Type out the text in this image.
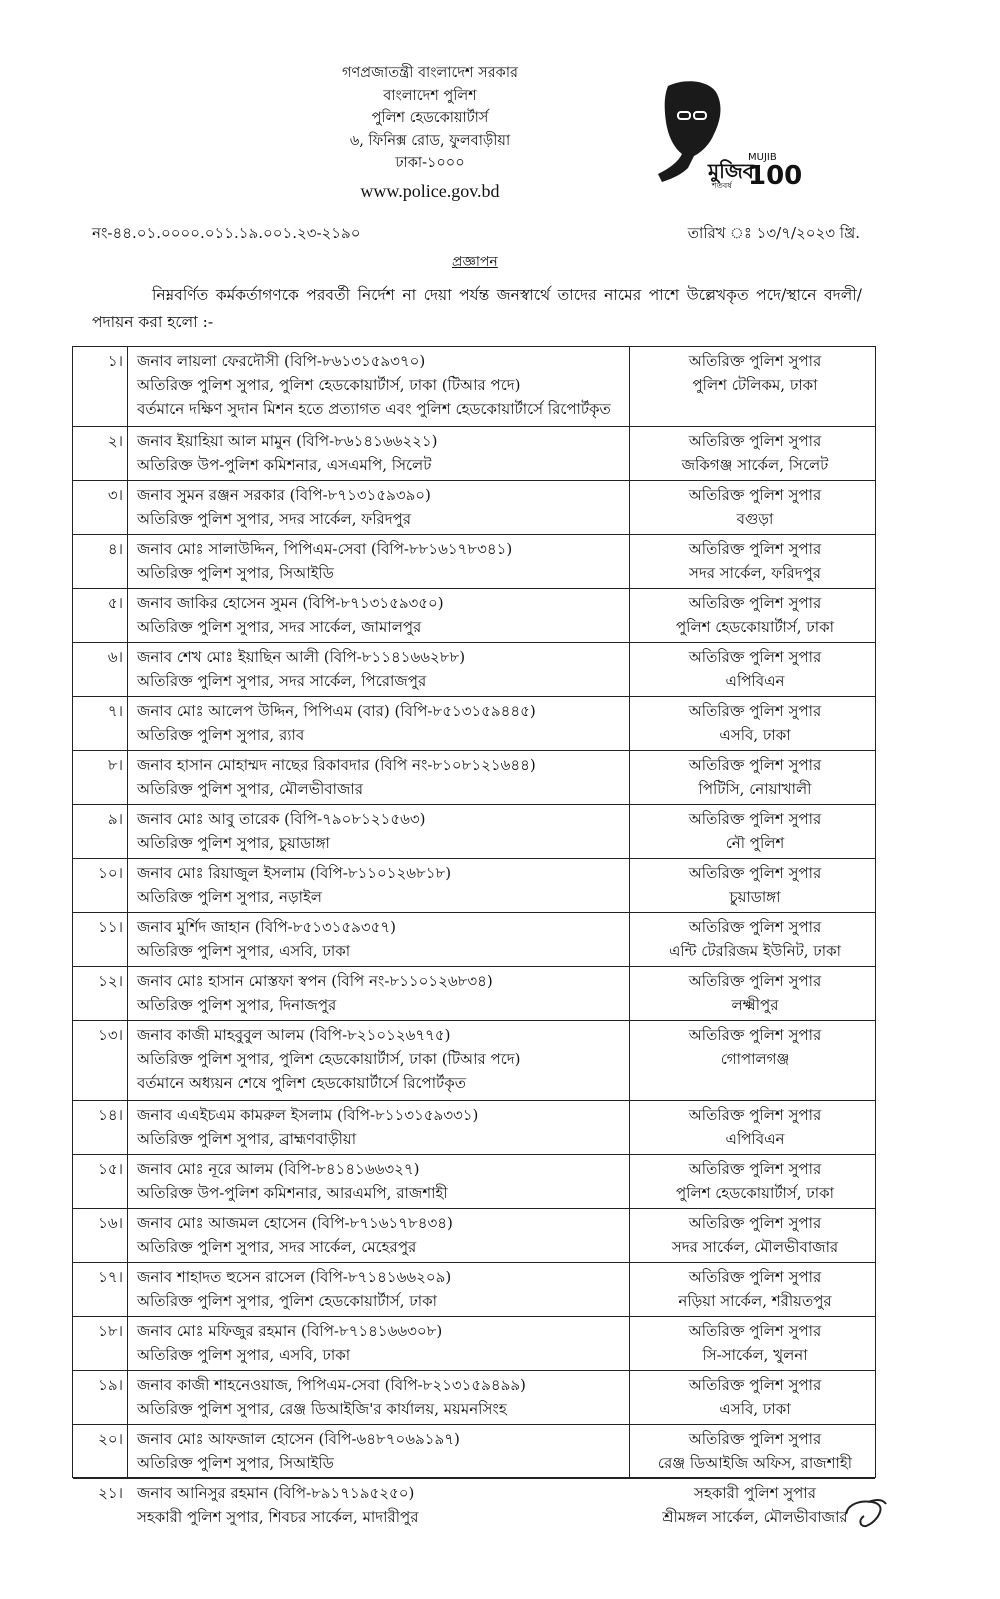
গণপ্রজাতন্ত্রী বাংলাদেশ সরকার
বাংলাদেশ পুলিশ
পুলিশ হেডকোয়ার্টার্স
৬, ফিনিক্স রোড, ফুলবাড়ীয়া
ঢাকা-১০০০
www.police.gov.bd
MUJIB
মুজিব
শতবর্ষ 100
নং-৪৪.০১.০০০০.০১১.১৯.০০১.২৩-২১৯০	তারিখ ঃ ১৩/৭/২০২৩ খ্রি.
প্রজ্ঞাপন
নিম্নবর্ণিত কর্মকর্তাগণকে পরবর্তী নির্দেশ না দেয়া পর্যন্ত জনস্বার্থে তাদের নামের পাশে উল্লেখকৃত পদে/স্থানে বদলী/পদায়ন করা হলো :-
১। জনাব লায়লা ফেরদৌসী (বিপি-৮৬১৩১৫৯৩৭০)
অতিরিক্ত পুলিশ সুপার, পুলিশ হেডকোয়ার্টার্স, ঢাকা (টিআর পদে)
বর্তমানে দক্ষিণ সুদান মিশন হতে প্রত্যাগত এবং পুলিশ হেডকোয়ার্টার্সে রিপোর্টকৃত
অতিরিক্ত পুলিশ সুপার
পুলিশ টেলিকম, ঢাকা
২। জনাব ইয়াহিয়া আল মামুন (বিপি-৮৬১৪১৬৬২২১)
অতিরিক্ত উপ-পুলিশ কমিশনার, এসএমপি, সিলেট
অতিরিক্ত পুলিশ সুপার
জকিগঞ্জ সার্কেল, সিলেট
৩। জনাব সুমন রঞ্জন সরকার (বিপি-৮৭১৩১৫৯৩৯০)
অতিরিক্ত পুলিশ সুপার, সদর সার্কেল, ফরিদপুর
অতিরিক্ত পুলিশ সুপার
বগুড়া
৪। জনাব মোঃ সালাউদ্দিন, পিপিএম-সেবা (বিপি-৮৮১৬১৭৮৩৪১)
অতিরিক্ত পুলিশ সুপার, সিআইডি
অতিরিক্ত পুলিশ সুপার
সদর সার্কেল, ফরিদপুর
৫। জনাব জাকির হোসেন সুমন (বিপি-৮৭১৩১৫৯৩৫০)
অতিরিক্ত পুলিশ সুপার, সদর সার্কেল, জামালপুর
অতিরিক্ত পুলিশ সুপার
পুলিশ হেডকোয়ার্টার্স, ঢাকা
৬। জনাব শেখ মোঃ ইয়াছিন আলী (বিপি-৮১১৪১৬৬২৮৮)
অতিরিক্ত পুলিশ সুপার, সদর সার্কেল, পিরোজপুর
অতিরিক্ত পুলিশ সুপার
এপিবিএন
৭। জনাব মোঃ আলেপ উদ্দিন, পিপিএম (বার) (বিপি-৮৫১৩১৫৯৪৪৫)
অতিরিক্ত পুলিশ সুপার, র‍্যাব
অতিরিক্ত পুলিশ সুপার
এসবি, ঢাকা
৮। জনাব হাসান মোহাম্মদ নাছের রিকাবদার (বিপি নং-৮১০৮১২১৬৪৪)
অতিরিক্ত পুলিশ সুপার, মৌলভীবাজার
অতিরিক্ত পুলিশ সুপার
পিটিসি, নোয়াখালী
৯। জনাব মোঃ আবু তারেক (বিপি-৭৯০৮১২১৫৬৩)
অতিরিক্ত পুলিশ সুপার, চুয়াডাঙ্গা
অতিরিক্ত পুলিশ সুপার
নৌ পুলিশ
১০। জনাব মোঃ রিয়াজুল ইসলাম (বিপি-৮১১০১২৬৮১৮)
অতিরিক্ত পুলিশ সুপার, নড়াইল
অতিরিক্ত পুলিশ সুপার
চুয়াডাঙ্গা
১১। জনাব মুর্শিদ জাহান (বিপি-৮৫১৩১৫৯৩৫৭)
অতিরিক্ত পুলিশ সুপার, এসবি, ঢাকা
অতিরিক্ত পুলিশ সুপার
এন্টি টেররিজম ইউনিট, ঢাকা
১২। জনাব মোঃ হাসান মোস্তফা স্বপন (বিপি নং-৮১১০১২৬৮৩৪)
অতিরিক্ত পুলিশ সুপার, দিনাজপুর
অতিরিক্ত পুলিশ সুপার
লক্ষ্মীপুর
১৩। জনাব কাজী মাহবুবুল আলম (বিপি-৮২১০১২৬৭৭৫)
অতিরিক্ত পুলিশ সুপার, পুলিশ হেডকোয়ার্টার্স, ঢাকা (টিআর পদে)
বর্তমানে অধ্যয়ন শেষে পুলিশ হেডকোয়ার্টার্সে রিপোর্টকৃত
অতিরিক্ত পুলিশ সুপার
গোপালগঞ্জ
১৪। জনাব এএইচএম কামরুল ইসলাম (বিপি-৮১১৩১৫৯৩৩১)
অতিরিক্ত পুলিশ সুপার, ব্রাহ্মণবাড়ীয়া
অতিরিক্ত পুলিশ সুপার
এপিবিএন
১৫। জনাব মোঃ নূরে আলম (বিপি-৮৪১৪১৬৬৩২৭)
অতিরিক্ত উপ-পুলিশ কমিশনার, আরএমপি, রাজশাহী
অতিরিক্ত পুলিশ সুপার
পুলিশ হেডকোয়ার্টার্স, ঢাকা
১৬। জনাব মোঃ আজমল হোসেন (বিপি-৮৭১৬১৭৮৪৩৪)
অতিরিক্ত পুলিশ সুপার, সদর সার্কেল, মেহেরপুর
অতিরিক্ত পুলিশ সুপার
সদর সার্কেল, মৌলভীবাজার
১৭। জনাব শাহাদত হুসেন রাসেল (বিপি-৮৭১৪১৬৬২০৯)
অতিরিক্ত পুলিশ সুপার, পুলিশ হেডকোয়ার্টার্স, ঢাকা
অতিরিক্ত পুলিশ সুপার
নড়িয়া সার্কেল, শরীয়তপুর
১৮। জনাব মোঃ মফিজুর রহমান (বিপি-৮৭১৪১৬৬৩০৮)
অতিরিক্ত পুলিশ সুপার, এসবি, ঢাকা
অতিরিক্ত পুলিশ সুপার
সি-সার্কেল, খুলনা
১৯। জনাব কাজী শাহনেওয়াজ, পিপিএম-সেবা (বিপি-৮২১৩১৫৯৪৯৯)
অতিরিক্ত পুলিশ সুপার, রেঞ্জ ডিআইজি'র কার্যালয়, ময়মনসিংহ
অতিরিক্ত পুলিশ সুপার
এসবি, ঢাকা
২০। জনাব মোঃ আফজাল হোসেন (বিপি-৬৪৮৭০৬৯১৯৭)
অতিরিক্ত পুলিশ সুপার, সিআইডি
অতিরিক্ত পুলিশ সুপার
রেঞ্জ ডিআইজি অফিস, রাজশাহী
২১। জনাব আনিসুর রহমান (বিপি-৮৯১৭১৯৫২৫০)
সহকারী পুলিশ সুপার, শিবচর সার্কেল, মাদারীপুর
সহকারী পুলিশ সুপার
শ্রীমঙ্গল সার্কেল, মৌলভীবাজার
